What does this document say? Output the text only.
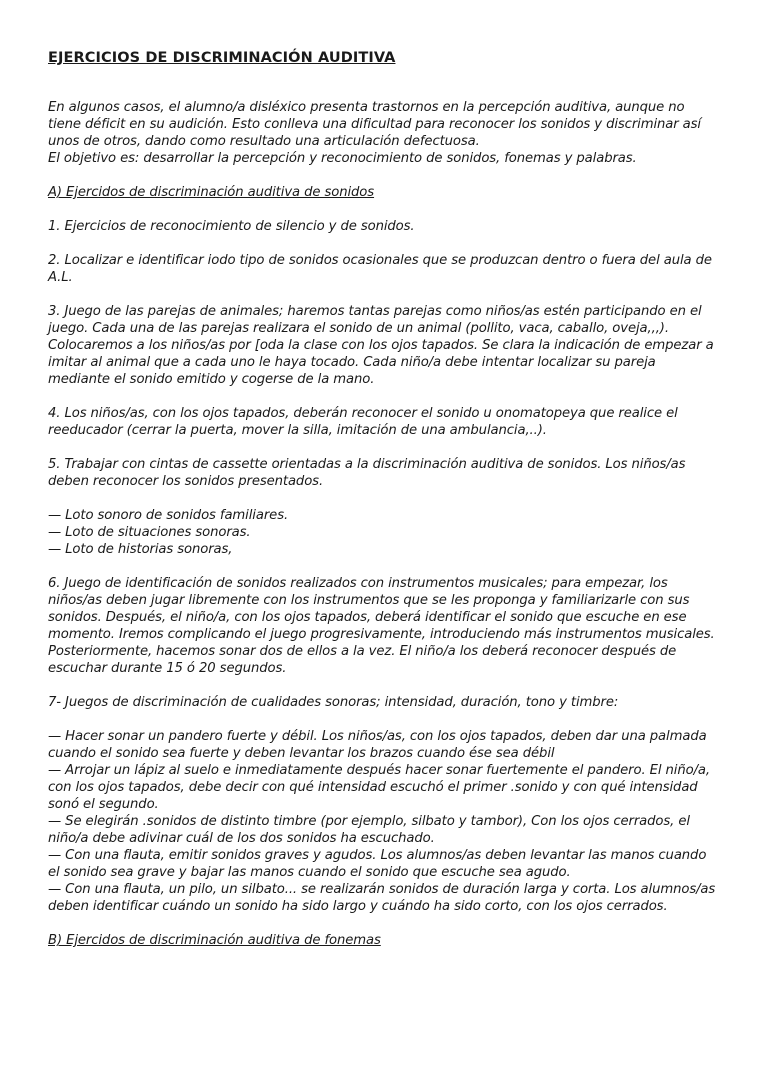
EJERCICIOS DE DISCRIMINACIÓN AUDITIVA

En algunos casos, el alumno/a disléxico presenta trastornos en la percepción auditiva, aunque no tiene déficit en su audición. Esto conlleva una dificultad para reconocer los sonidos y discriminar así unos de otros, dando como resultado una articulación defectuosa.

El objetivo es: desarrollar la percepción y reconocimiento de sonidos, fonemas y palabras.

A) Ejercidos de discriminación auditiva de sonidos

1. Ejercicios de reconocimiento de silencio y de sonidos.

2. Localizar e identificar iodo tipo de sonidos ocasionales que se produzcan dentro o fuera del aula de A.L.

3. Juego de las parejas de animales; haremos tantas parejas como niños/as estén participando en el juego. Cada una de las parejas realizara el sonido de un animal (pollito, vaca, caballo, oveja,,,). Colocaremos a los niños/as por [oda la clase con los ojos tapados. Se clara la indicación de empezar a imitar al animal que a cada uno le haya tocado. Cada niño/a debe intentar localizar su pareja mediante el sonido emitido y cogerse de la mano.

4. Los niños/as, con los ojos tapados, deberán reconocer el sonido u onomatopeya que realice el reeducador (cerrar la puerta, mover la silla, imitación de una ambulancia,..).

5. Trabajar con cintas de cassette orientadas a la discriminación auditiva de sonidos. Los niños/as deben reconocer los sonidos presentados.

— Loto sonoro de sonidos familiares.

— Loto de situaciones sonoras.

— Loto de historias sonoras,

6. Juego de identificación de sonidos realizados con instrumentos musicales; para empezar, los niños/as deben jugar libremente con los instrumentos que se les proponga y familiarizarle con sus sonidos. Después, el niño/a, con los ojos tapados, deberá identificar el sonido que escuche en ese momento. Iremos complicando el juego progresivamente, introduciendo más instrumentos musicales. Posteriormente, hacemos sonar dos de ellos a la vez. El niño/a los deberá reconocer después de escuchar durante 15 ó 20 segundos.

7- Juegos de discriminación de cualidades sonoras; intensidad, duración, tono y timbre:

— Hacer sonar un pandero fuerte y débil. Los niños/as, con los ojos tapados, deben dar una palmada cuando el sonido sea fuerte y deben levantar los brazos cuando ése sea débil

— Arrojar un lápiz al suelo e inmediatamente después hacer sonar fuertemente el pandero. El niño/a, con los ojos tapados, debe decir con qué intensidad escuchó el primer .sonido y con qué intensidad sonó el segundo.

— Se elegirán .sonidos de distinto timbre (por ejemplo, silbato y tambor), Con los ojos cerrados, el niño/a debe adivinar cuál de los dos sonidos ha escuchado.

— Con una flauta, emitir sonidos graves y agudos. Los alumnos/as deben levantar las manos cuando el sonido sea grave y bajar las manos cuando el sonido que escuche sea agudo.

— Con una flauta, un pilo, un silbato... se realizarán sonidos de duración larga y corta. Los alumnos/as deben identificar cuándo un sonido ha sido largo y cuándo ha sido corto, con los ojos cerrados.

B) Ejercidos de discriminación auditiva de fonemas
